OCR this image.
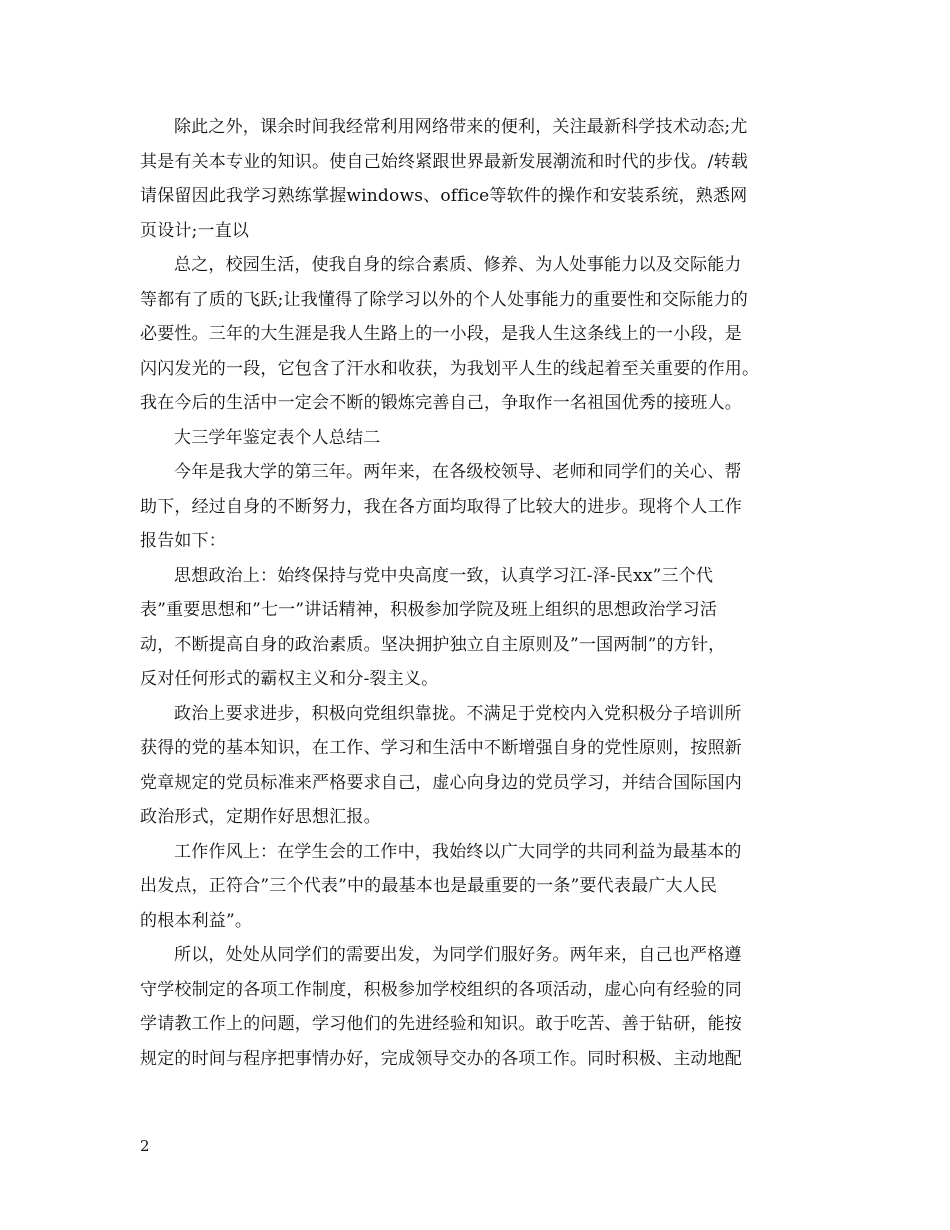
除此之外，课余时间我经常利用网络带来的便利，关注最新科学技术动态;尤
其是有关本专业的知识。使自己始终紧跟世界最新发展潮流和时代的步伐。/转载
请保留因此我学习熟练掌握windows、office等软件的操作和安装系统，熟悉网
页设计;一直以
总之，校园生活，使我自身的综合素质、修养、为人处事能力以及交际能力
等都有了质的飞跃;让我懂得了除学习以外的个人处事能力的重要性和交际能力的
必要性。三年的大生涯是我人生路上的一小段，是我人生这条线上的一小段，是
闪闪发光的一段，它包含了汗水和收获，为我划平人生的线起着至关重要的作用。
我在今后的生活中一定会不断的锻炼完善自己，争取作一名祖国优秀的接班人。
大三学年鉴定表个人总结二
今年是我大学的第三年。两年来，在各级校领导、老师和同学们的关心、帮
助下，经过自身的不断努力，我在各方面均取得了比较大的进步。现将个人工作
报告如下：
思想政治上：始终保持与党中央高度一致，认真学习江-泽-民xx”三个代
表”重要思想和”七一”讲话精神，积极参加学院及班上组织的思想政治学习活
动，不断提高自身的政治素质。坚决拥护独立自主原则及”一国两制”的方针，
反对任何形式的霸权主义和分-裂主义。
政治上要求进步，积极向党组织靠拢。不满足于党校内入党积极分子培训所
获得的党的基本知识，在工作、学习和生活中不断增强自身的党性原则，按照新
党章规定的党员标准来严格要求自己，虚心向身边的党员学习，并结合国际国内
政治形式，定期作好思想汇报。
工作作风上：在学生会的工作中，我始终以广大同学的共同利益为最基本的
出发点，正符合”三个代表”中的最基本也是最重要的一条”要代表最广大人民
的根本利益”。
所以，处处从同学们的需要出发，为同学们服好务。两年来，自己也严格遵
守学校制定的各项工作制度，积极参加学校组织的各项活动，虚心向有经验的同
学请教工作上的问题，学习他们的先进经验和知识。敢于吃苦、善于钻研，能按
规定的时间与程序把事情办好，完成领导交办的各项工作。同时积极、主动地配
2
